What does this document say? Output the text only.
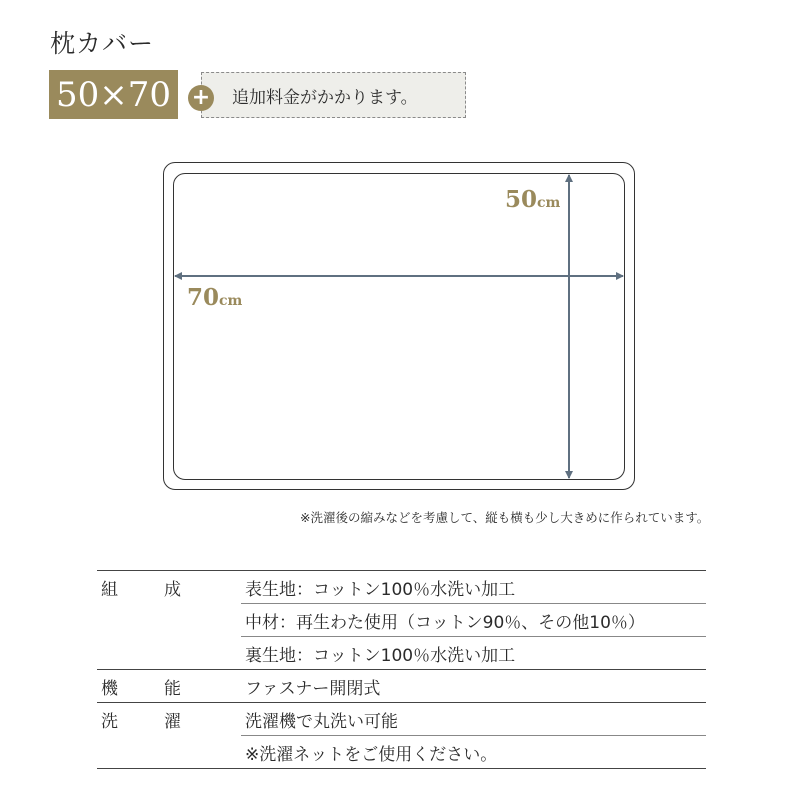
枕カバー
50×70	追加料金がかかります。
+
50cm
70cm
※洗濯後の縮みなどを考慮して、縦も横も少し大きめに作られています。
組 成	表生地：コットン100％水洗い加工
	中材：再生わた使用（コットン90％、その他10％）
	裏生地：コットン100％水洗い加工

機 能	ファスナー開閉式

洗 濯	洗濯機で丸洗い可能
	※洗濯ネットをご使用ください。
